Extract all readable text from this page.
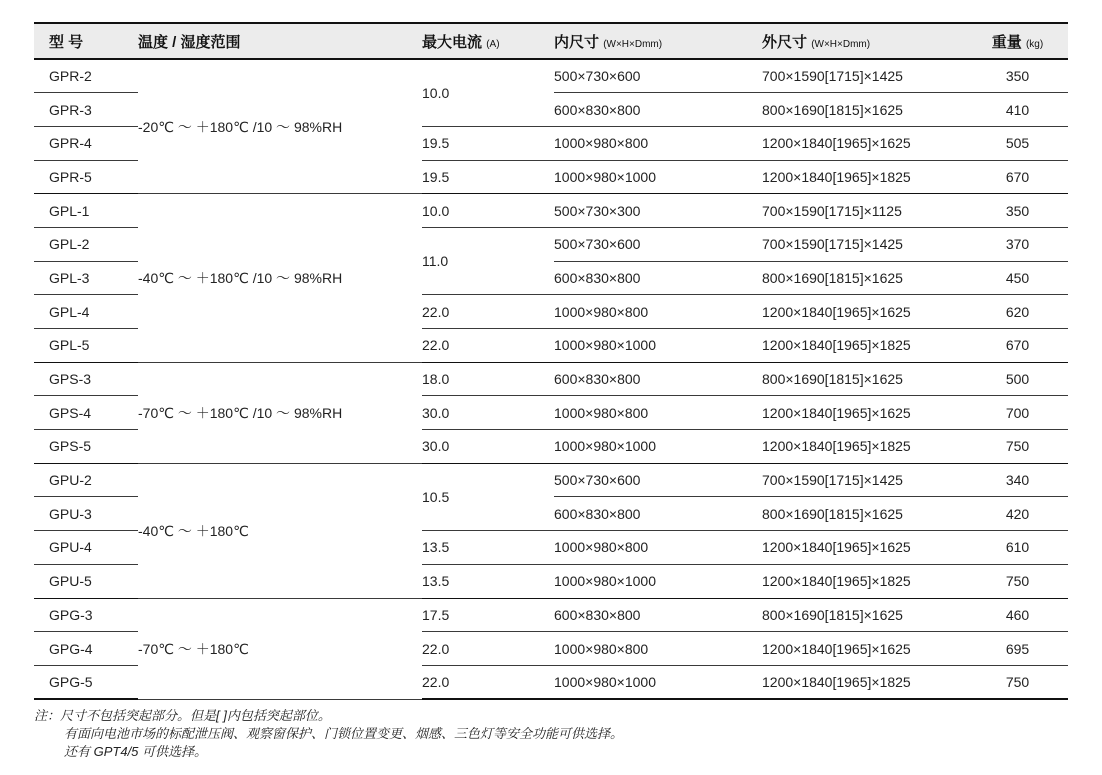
型 号	温度 / 湿度范围	最大电流 (A)	内尺寸 (W×H×Dmm)	外尺寸 (W×H×Dmm)	重量 (kg)
GPR-2	-20℃ ～ ＋180℃ /10 ～ 98%RH	10.0	500×730×600	700×1590[1715]×1425	350
GPR-3			600×830×800	800×1690[1815]×1625	410
GPR-4		19.5	1000×980×800	1200×1840[1965]×1625	505
GPR-5		19.5	1000×980×1000	1200×1840[1965]×1825	670
GPL-1	-40℃ ～ ＋180℃ /10 ～ 98%RH	10.0	500×730×300	700×1590[1715]×1125	350
GPL-2		11.0	500×730×600	700×1590[1715]×1425	370
GPL-3			600×830×800	800×1690[1815]×1625	450
GPL-4		22.0	1000×980×800	1200×1840[1965]×1625	620
GPL-5		22.0	1000×980×1000	1200×1840[1965]×1825	670
GPS-3	-70℃ ～ ＋180℃ /10 ～ 98%RH	18.0	600×830×800	800×1690[1815]×1625	500
GPS-4		30.0	1000×980×800	1200×1840[1965]×1625	700
GPS-5		30.0	1000×980×1000	1200×1840[1965]×1825	750
GPU-2	-40℃ ～ ＋180℃	10.5	500×730×600	700×1590[1715]×1425	340
GPU-3			600×830×800	800×1690[1815]×1625	420
GPU-4		13.5	1000×980×800	1200×1840[1965]×1625	610
GPU-5		13.5	1000×980×1000	1200×1840[1965]×1825	750
GPG-3	-70℃ ～ ＋180℃	17.5	600×830×800	800×1690[1815]×1625	460
GPG-4		22.0	1000×980×800	1200×1840[1965]×1625	695
GPG-5		22.0	1000×980×1000	1200×1840[1965]×1825	750
注：尺寸不包括突起部分。但是[ ]内包括突起部位。
有面向电池市场的标配泄压阀、观察窗保护、门锁位置变更、烟感、三色灯等安全功能可供选择。
还有 GPT4/5 可供选择。
